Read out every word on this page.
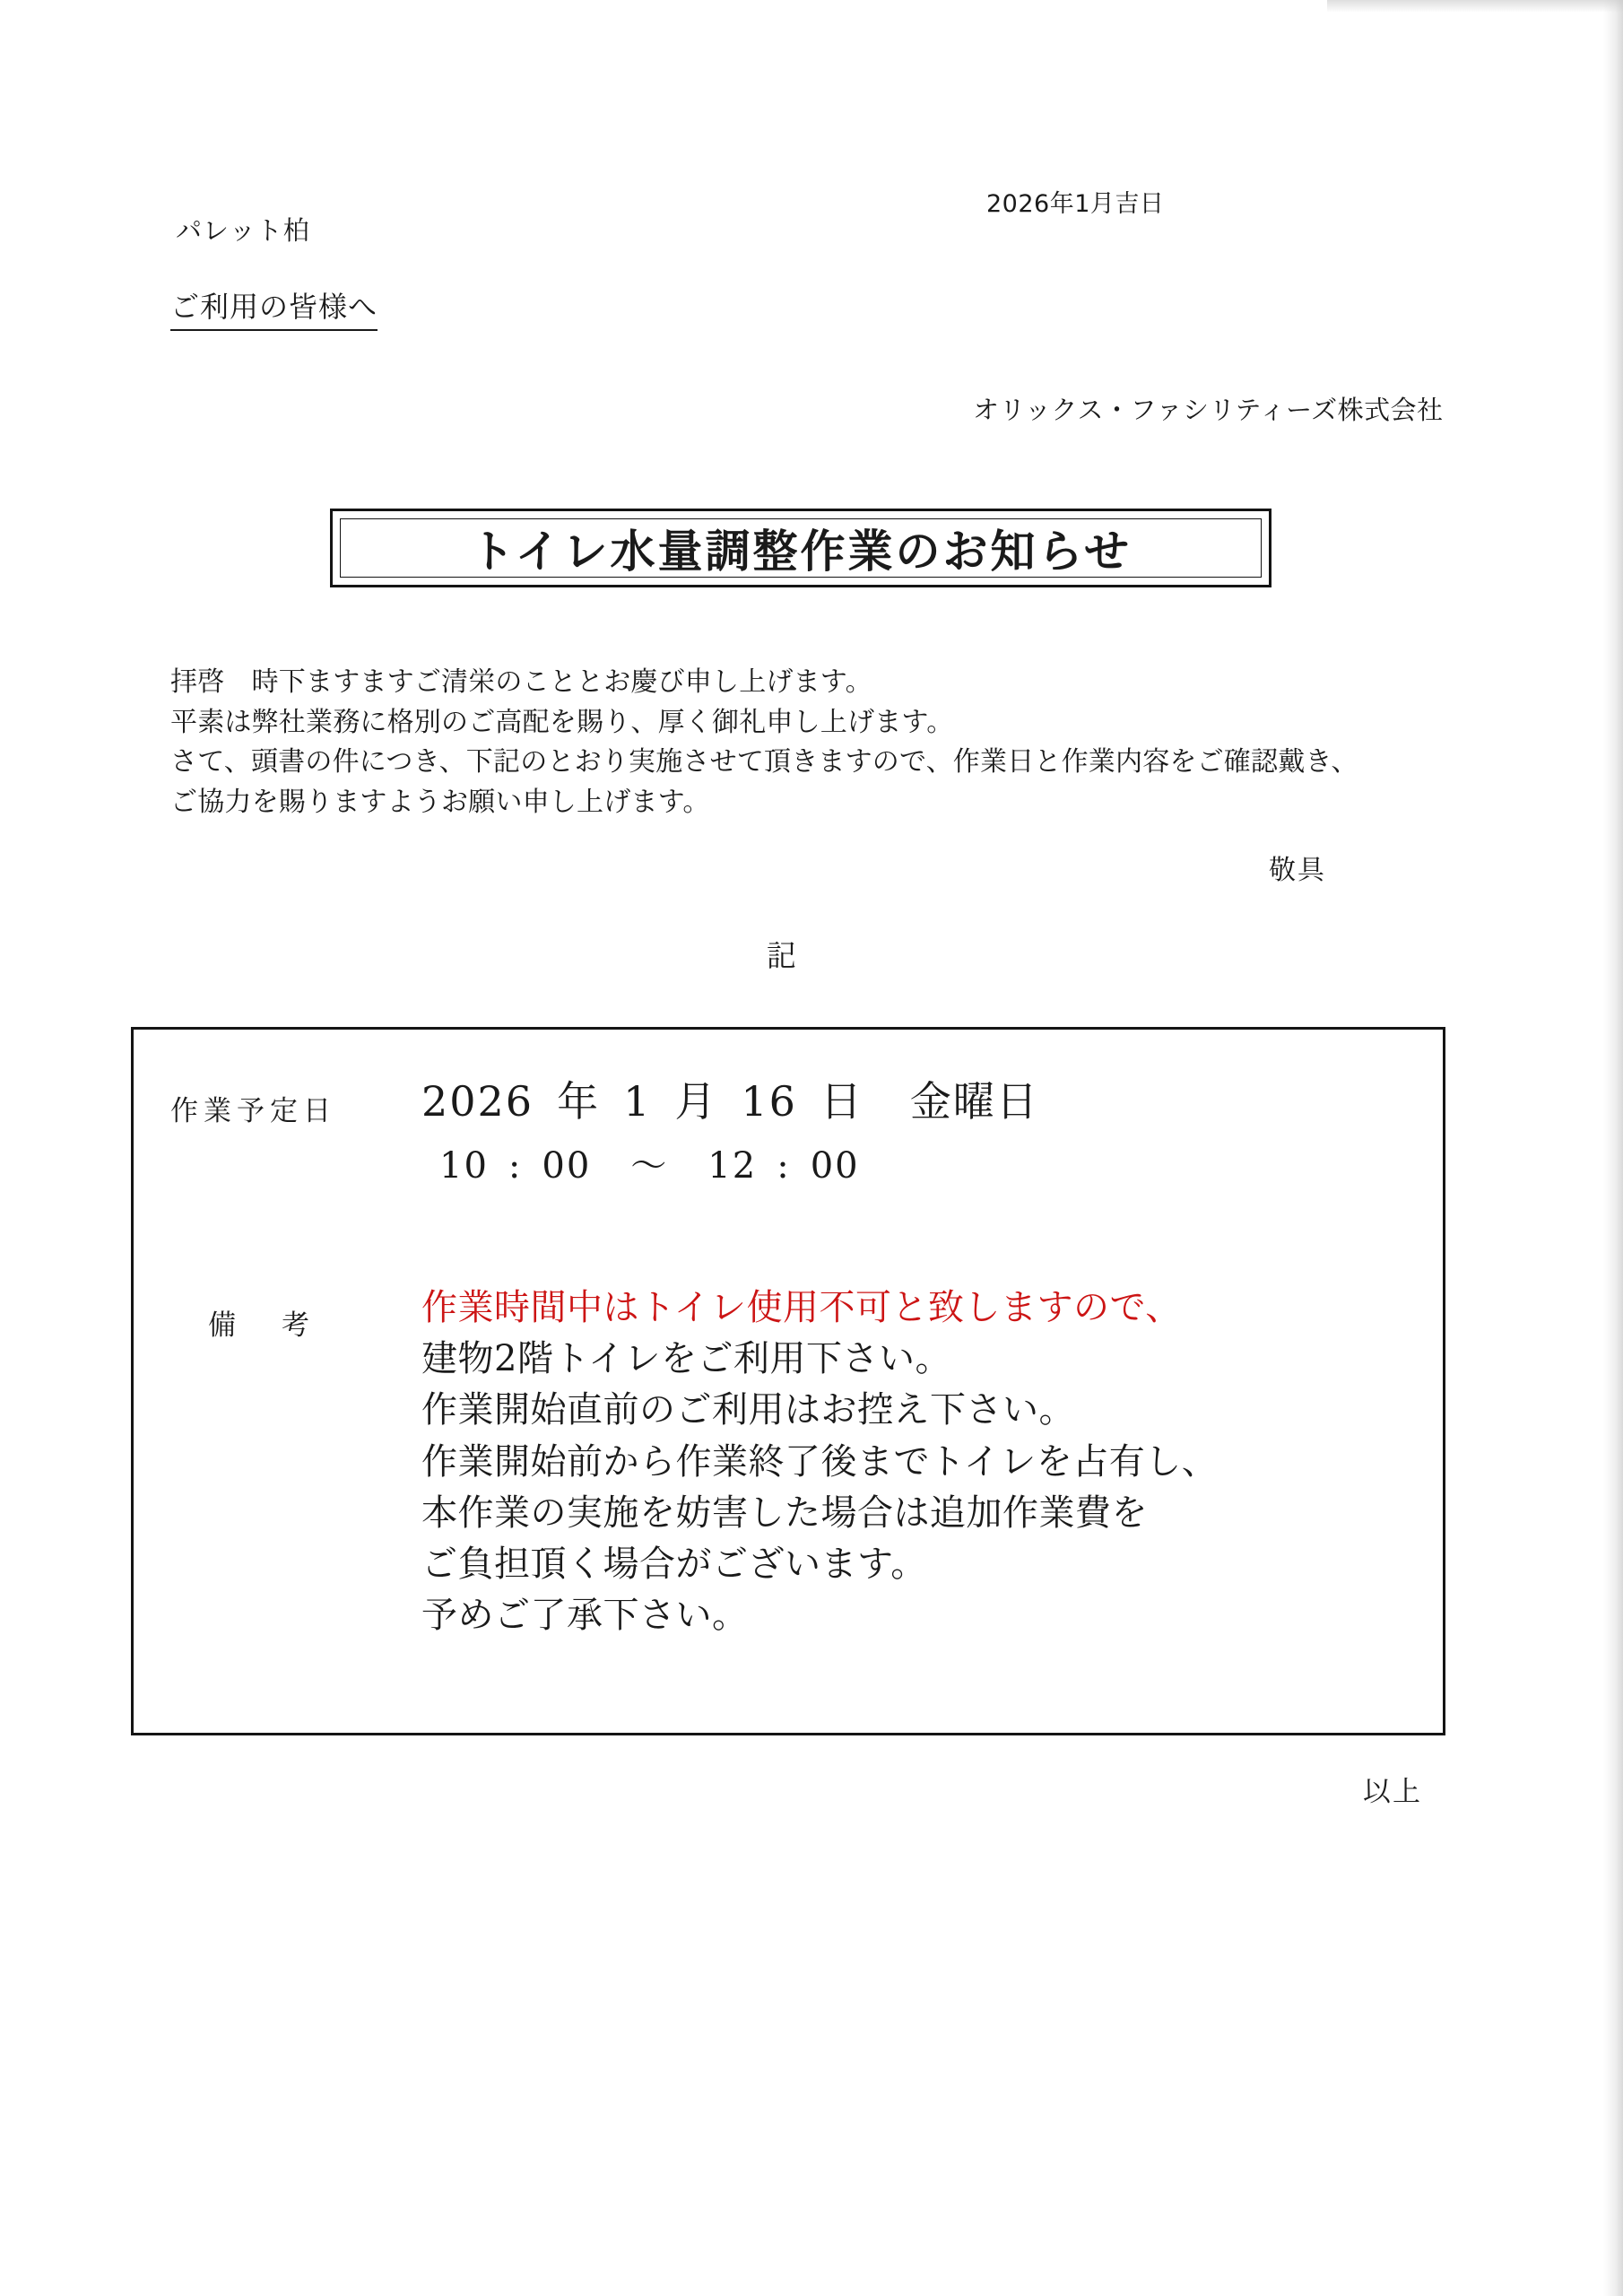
2026年1月吉日
パレット柏
ご利用の皆様へ
オリックス・ファシリティーズ株式会社
トイレ水量調整作業のお知らせ

拝啓　時下ますますご清栄のこととお慶び申し上げます。

平素は弊社業務に格別のご高配を賜り、厚く御礼申し上げます。

さて、頭書の件につき、下記のとおり実施させて頂きますので、作業日と作業内容をご確認戴き、

ご協力を賜りますようお願い申し上げます。

敬具
記
作業予定日 2026 年 1 月 16 日 金曜日
10 : 00 ～ 12 : 00
備　考	作業時間中はトイレ使用不可と致しますので、

建物2階トイレをご利用下さい。

作業開始直前のご利用はお控え下さい。

作業開始前から作業終了後までトイレを占有し、

本作業の実施を妨害した場合は追加作業費を

ご負担頂く場合がございます。

予めご了承下さい。

以上
